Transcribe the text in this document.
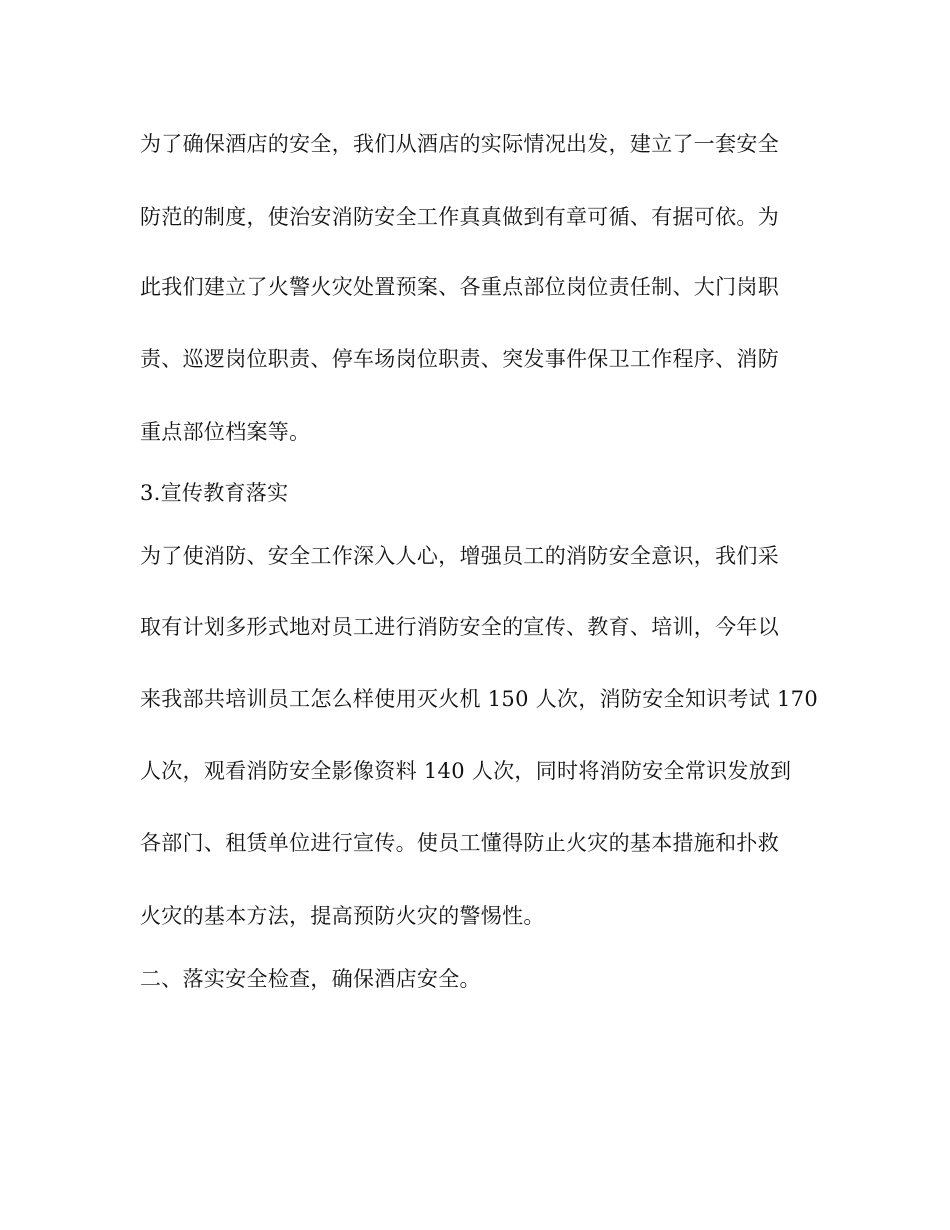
为了确保酒店的安全，我们从酒店的实际情况出发，建立了一套安全
防范的制度，使治安消防安全工作真真做到有章可循、有据可依。为
此我们建立了火警火灾处置预案、各重点部位岗位责任制、大门岗职
责、巡逻岗位职责、停车场岗位职责、突发事件保卫工作程序、消防
重点部位档案等。
3.宣传教育落实
为了使消防、安全工作深入人心，增强员工的消防安全意识，我们采
取有计划多形式地对员工进行消防安全的宣传、教育、培训，今年以
来我部共培训员工怎么样使用灭火机 150 人次，消防安全知识考试 170
人次，观看消防安全影像资料 140 人次，同时将消防安全常识发放到
各部门、租赁单位进行宣传。使员工懂得防止火灾的基本措施和扑救
火灾的基本方法，提高预防火灾的警惕性。
二、落实安全检查，确保酒店安全。
